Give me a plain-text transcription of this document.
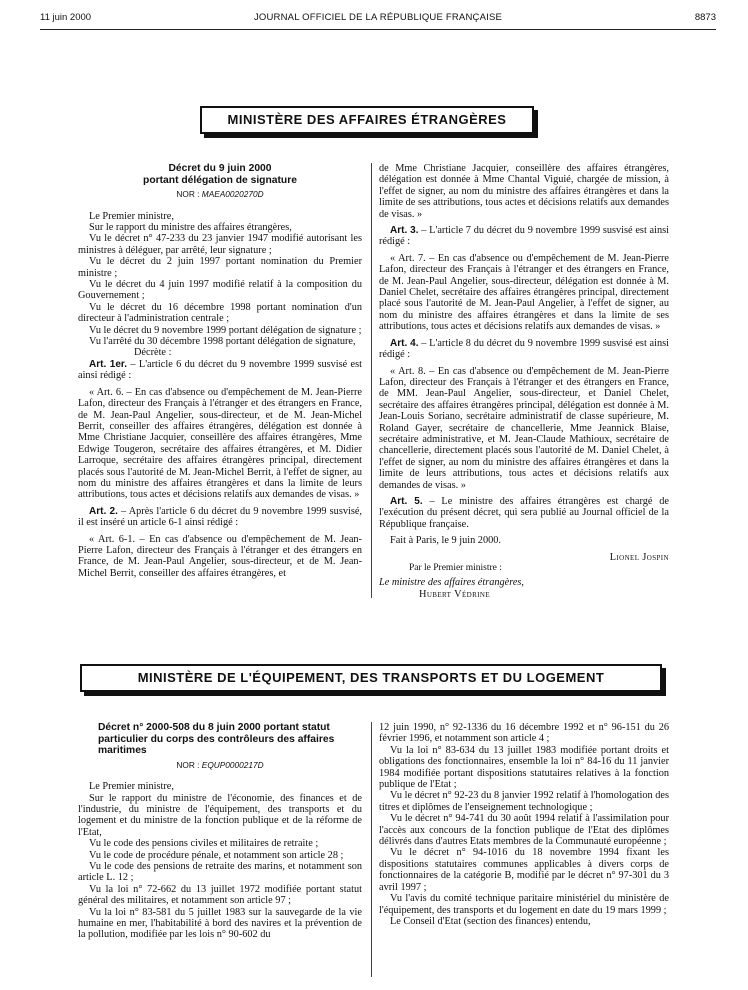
11 juin 2000	JOURNAL OFFICIEL DE LA RÉPUBLIQUE FRANÇAISE	8873
MINISTÈRE DES AFFAIRES ÉTRANGÈRES
Décret du 9 juin 2000
portant délégation de signature
NOR : MAEA0020270D

Le Premier ministre,

Sur le rapport du ministre des affaires étrangères,

Vu le décret n° 47-233 du 23 janvier 1947 modifié autorisant les ministres à déléguer, par arrêté, leur signature ;

Vu le décret du 2 juin 1997 portant nomination du Premier ministre ;

Vu le décret du 4 juin 1997 modifié relatif à la composition du Gouvernement ;

Vu le décret du 16 décembre 1998 portant nomination d'un directeur à l'administration centrale ;

Vu le décret du 9 novembre 1999 portant délégation de signature ;

Vu l'arrêté du 30 décembre 1998 portant délégation de signature,

Décrète :

Art. 1er. – L'article 6 du décret du 9 novembre 1999 susvisé est ainsi rédigé :

« Art. 6. – En cas d'absence ou d'empêchement de M. Jean-Pierre Lafon, directeur des Français à l'étranger et des étrangers en France, de M. Jean-Paul Angelier, sous-directeur, et de M. Jean-Michel Berrit, conseiller des affaires étrangères, délégation est donnée à Mme Christiane Jacquier, conseillère des affaires étrangères, Mme Edwige Tougeron, secrétaire des affaires étrangères, et M. Didier Larroque, secrétaire des affaires étrangères principal, directement placés sous l'autorité de M. Jean-Michel Berrit, à l'effet de signer, au nom du ministre des affaires étrangères et dans la limite de leurs attributions, tous actes et décisions relatifs aux demandes de visas. »

Art. 2. – Après l'article 6 du décret du 9 novembre 1999 susvisé, il est inséré un article 6-1 ainsi rédigé :

« Art. 6-1. – En cas d'absence ou d'empêchement de M. Jean-Pierre Lafon, directeur des Français à l'étranger et des étrangers en France, de M. Jean-Paul Angelier, sous-directeur, et de M. Jean-Michel Berrit, conseiller des affaires étrangères, et

de Mme Christiane Jacquier, conseillère des affaires étrangères, délégation est donnée à Mme Chantal Viguié, chargée de mission, à l'effet de signer, au nom du ministre des affaires étrangères et dans la limite de ses attributions, tous actes et décisions relatifs aux demandes de visas. »

Art. 3. – L'article 7 du décret du 9 novembre 1999 susvisé est ainsi rédigé :

« Art. 7. – En cas d'absence ou d'empêchement de M. Jean-Pierre Lafon, directeur des Français à l'étranger et des étrangers en France, de M. Jean-Paul Angelier, sous-directeur, délégation est donnée à M. Daniel Chelet, secrétaire des affaires étrangères principal, directement placé sous l'autorité de M. Jean-Paul Angelier, à l'effet de signer, au nom du ministre des affaires étrangères et dans la limite de ses attributions, tous actes et décisions relatifs aux demandes de visas. »

Art. 4. – L'article 8 du décret du 9 novembre 1999 susvisé est ainsi rédigé :

« Art. 8. – En cas d'absence ou d'empêchement de M. Jean-Pierre Lafon, directeur des Français à l'étranger et des étrangers en France, de MM. Jean-Paul Angelier, sous-directeur, et Daniel Chelet, secrétaire des affaires étrangères principal, délégation est donnée à M. Jean-Louis Soriano, secrétaire administratif de classe supérieure, M. Roland Gayer, secrétaire de chancellerie, Mme Jeannick Blaise, secrétaire administrative, et M. Jean-Claude Mathioux, secrétaire de chancellerie, directement placés sous l'autorité de M. Daniel Chelet, à l'effet de signer, au nom du ministre des affaires étrangères et dans la limite de leurs attributions, tous actes et décisions relatifs aux demandes de visas. »

Art. 5. – Le ministre des affaires étrangères est chargé de l'exécution du présent décret, qui sera publié au Journal officiel de la République française.

Fait à Paris, le 9 juin 2000.

Lionel Jospin

Par le Premier ministre :

Le ministre des affaires étrangères,

Hubert Védrine

MINISTÈRE DE L'ÉQUIPEMENT, DES TRANSPORTS ET DU LOGEMENT
Décret n° 2000-508 du 8 juin 2000 portant statut
particulier du corps des contrôleurs des affaires
maritimes
NOR : EQUP0000217D

Le Premier ministre,

Sur le rapport du ministre de l'économie, des finances et de l'industrie, du ministre de l'équipement, des transports et du logement et du ministre de la fonction publique et de la réforme de l'Etat,

Vu le code des pensions civiles et militaires de retraite ;

Vu le code de procédure pénale, et notamment son article 28 ;

Vu le code des pensions de retraite des marins, et notamment son article L. 12 ;

Vu la loi n° 72-662 du 13 juillet 1972 modifiée portant statut général des militaires, et notamment son article 97 ;

Vu la loi n° 83-581 du 5 juillet 1983 sur la sauvegarde de la vie humaine en mer, l'habitabilité à bord des navires et la prévention de la pollution, modifiée par les lois n° 90-602 du

12 juin 1990, n° 92-1336 du 16 décembre 1992 et n° 96-151 du 26 février 1996, et notamment son article 4 ;

Vu la loi n° 83-634 du 13 juillet 1983 modifiée portant droits et obligations des fonctionnaires, ensemble la loi n° 84-16 du 11 janvier 1984 modifiée portant dispositions statutaires relatives à la fonction publique de l'Etat ;

Vu le décret n° 92-23 du 8 janvier 1992 relatif à l'homologation des titres et diplômes de l'enseignement technologique ;

Vu le décret n° 94-741 du 30 août 1994 relatif à l'assimilation pour l'accès aux concours de la fonction publique de l'Etat des diplômes délivrés dans d'autres Etats membres de la Communauté européenne ;

Vu le décret n° 94-1016 du 18 novembre 1994 fixant les dispositions statutaires communes applicables à divers corps de fonctionnaires de la catégorie B, modifié par le décret n° 97-301 du 3 avril 1997 ;

Vu l'avis du comité technique paritaire ministériel du ministère de l'équipement, des transports et du logement en date du 19 mars 1999 ;

Le Conseil d'Etat (section des finances) entendu,
